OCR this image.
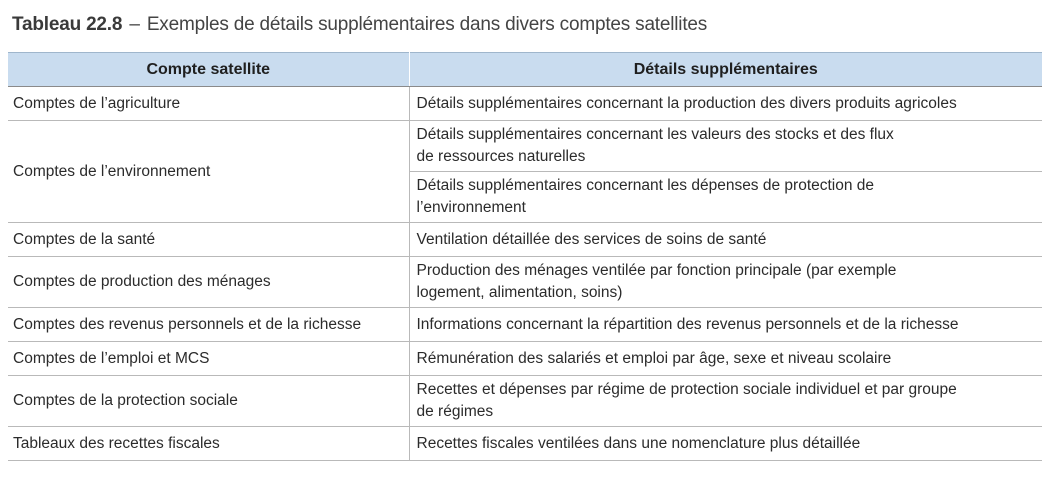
Tableau 22.8 – Exemples de détails supplémentaires dans divers comptes satellites
Compte satellite	Détails supplémentaires
Comptes de l’agriculture	Détails supplémentaires concernant la production des divers produits agricoles
Comptes de l’environnement	Détails supplémentaires concernant les valeurs des stocks et des flux
de ressources naturelles

	Détails supplémentaires concernant les dépenses de protection de
l’environnement

Comptes de la santé	Ventilation détaillée des services de soins de santé
Comptes de production des ménages	Production des ménages ventilée par fonction principale (par exemple
logement, alimentation, soins)

Comptes des revenus personnels et de la richesse	Informations concernant la répartition des revenus personnels et de la richesse
Comptes de l’emploi et MCS	Rémunération des salariés et emploi par âge, sexe et niveau scolaire
Comptes de la protection sociale	Recettes et dépenses par régime de protection sociale individuel et par groupe
de régimes

Tableaux des recettes fiscales	Recettes fiscales ventilées dans une nomenclature plus détaillée
